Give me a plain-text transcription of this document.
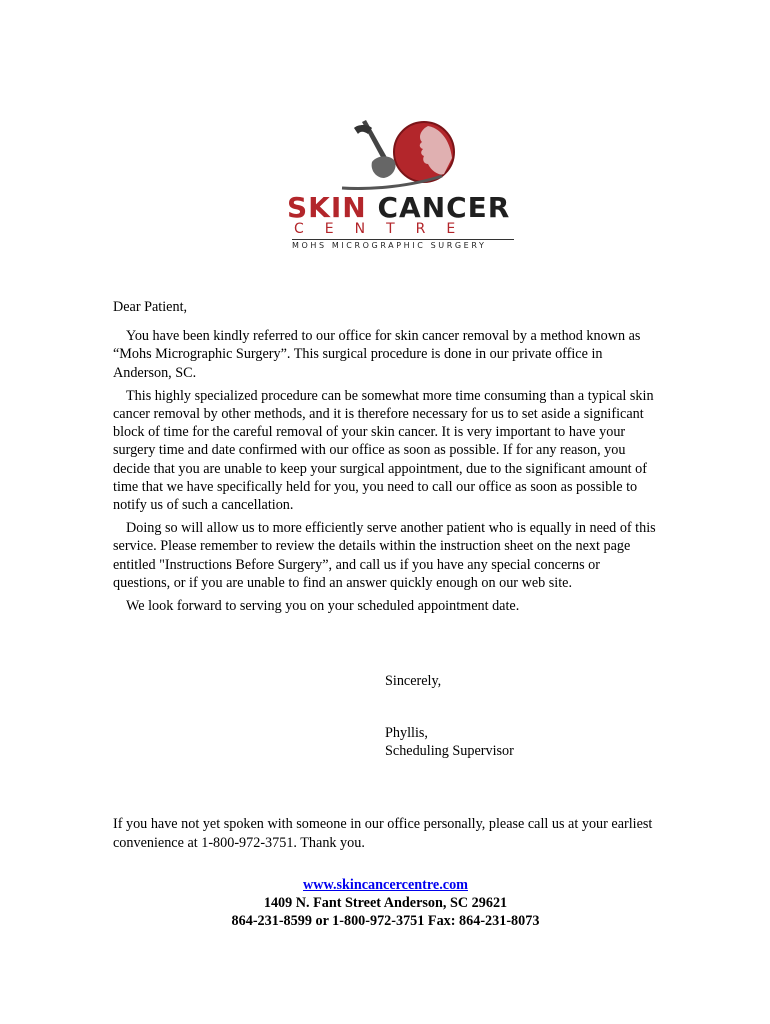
SKIN CANCER
CENTRE
MOHS MICROGRAPHIC SURGERY

Dear Patient,

You have been kindly referred to our office for skin cancer removal by a method known as “Mohs Micrographic Surgery”. This surgical procedure is done in our private office in Anderson, SC.

This highly specialized procedure can be somewhat more time consuming than a typical skin cancer removal by other methods, and it is therefore necessary for us to set aside a significant block of time for the careful removal of your skin cancer. It is very important to have your surgery time and date confirmed with our office as soon as possible. If for any reason, you decide that you are unable to keep your surgical appointment, due to the significant amount of time that we have specifically held for you, you need to call our office as soon as possible to notify us of such a cancellation.

Doing so will allow us to more efficiently serve another patient who is equally in need of this service. Please remember to review the details within the instruction sheet on the next page entitled "Instructions Before Surgery”, and call us if you have any special concerns or questions, or if you are unable to find an answer quickly enough on our web site.

We look forward to serving you on your scheduled appointment date.

Sincerely,
Phyllis,
Scheduling Supervisor

If you have not yet spoken with someone in our office personally, please call us at your earliest convenience at 1-800-972-3751. Thank you.

www.skincancercentre.com
1409 N. Fant Street Anderson, SC 29621
864-231-8599 or 1-800-972-3751 Fax: 864-231-8073
